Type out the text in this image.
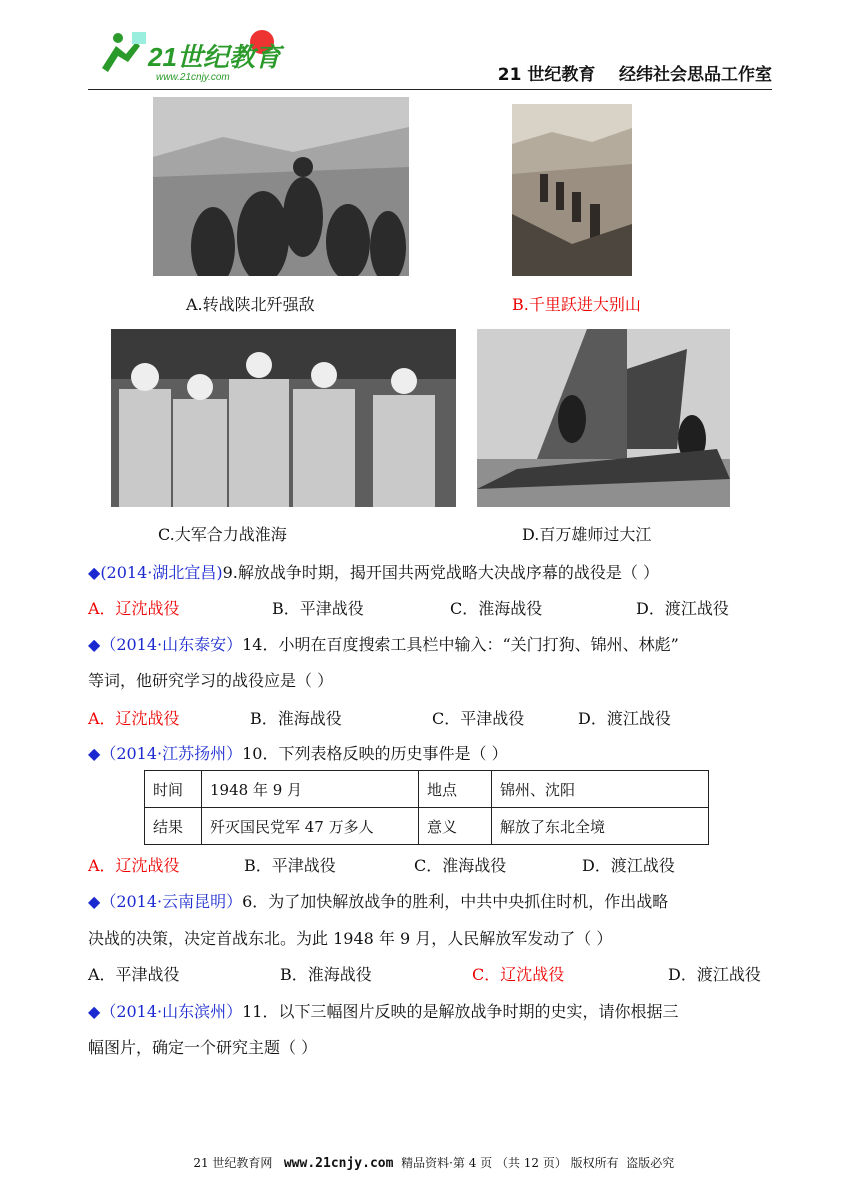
21世纪教育
www.21cnjy.com	21 世纪教育    经纬社会思品工作室
A.转战陕北歼强敌	B.千里跃进大别山
C.大军合力战淮海	D.百万雄师过大江
◆(2014·湖北宜昌)9.解放战争时期，揭开国共两党战略大决战序幕的战役是（ ）
A．辽沈战役	B．平津战役	C．淮海战役	D．渡江战役
◆（2014·山东泰安）14．小明在百度搜索工具栏中输入：“关门打狗、锦州、林彪”
等词，他研究学习的战役应是（ ）
A．辽沈战役	B．淮海战役	C．平津战役	D．渡江战役
◆（2014·江苏扬州）10．下列表格反映的历史事件是（ ）
时间	1948 年 9 月	地点	锦州、沈阳
结果	歼灭国民党军 47 万多人	意义	解放了东北全境
A．辽沈战役	B．平津战役	C．淮海战役	D．渡江战役
◆（2014·云南昆明）6．为了加快解放战争的胜利，中共中央抓住时机，作出战略
决战的决策，决定首战东北。为此 1948 年 9 月，人民解放军发动了（ ）
A．平津战役	B．淮海战役	C．辽沈战役	D．渡江战役
◆（2014·山东滨州）11．以下三幅图片反映的是解放战争时期的史实，请你根据三
幅图片，确定一个研究主题（ ）

21 世纪教育网   www.21cnjy.com  精品资料·第 4 页 （共 12 页） 版权所有  盗版必究
